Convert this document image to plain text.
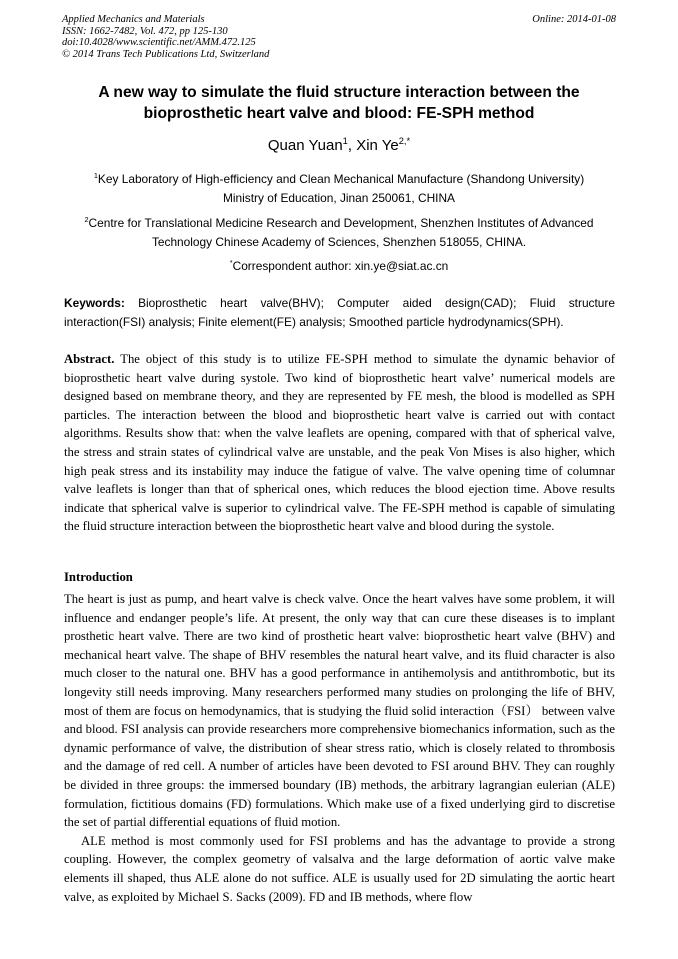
Applied Mechanics and Materials	Online: 2014-01-08
ISSN: 1662-7482, Vol. 472, pp 125-130
doi:10.4028/www.scientific.net/AMM.472.125
© 2014 Trans Tech Publications Ltd, Switzerland
A new way to simulate the fluid structure interaction between the bioprosthetic heart valve and blood: FE-SPH method
Quan Yuan$^1$, Xin $Ye^{2,*}$
$^1$Key Laboratory of High-efficiency and Clean Mechanical Manufacture (Shandong University)
Ministry of Education, Jinan 250061, CHINA
$^2$Centre for Translational Medicine Research and Development, Shenzhen Institutes of Advanced
Technology Chinese Academy of Sciences, Shenzhen 518055, CHINA.
*Correspondent author: xin.ye@siat.ac.cn
Keywords: Bioprosthetic heart valve(BHV); Computer aided design(CAD); Fluid structure interaction(FSI) analysis; Finite element(FE) analysis; Smoothed particle hydrodynamics(SPH).
Abstract. The object of this study is to utilize FE-SPH method to simulate the dynamic behavior of bioprosthetic heart valve during systole. Two kind of bioprosthetic heart valve’ numerical models are designed based on membrane theory, and they are represented by FE mesh, the blood is modelled as SPH particles. The interaction between the blood and bioprosthetic heart valve is carried out with contact algorithms. Results show that: when the valve leaflets are opening, compared with that of spherical valve, the stress and strain states of cylindrical valve are unstable, and the peak Von Mises is also higher, which high peak stress and its instability may induce the fatigue of valve. The valve opening time of columnar valve leaflets is longer than that of spherical ones, which reduces the blood ejection time. Above results indicate that spherical valve is superior to cylindrical valve. The FE-SPH method is capable of simulating the fluid structure interaction between the bioprosthetic heart valve and blood during the systole.
Introduction

The heart is just as pump, and heart valve is check valve. Once the heart valves have some problem, it will influence and endanger people’s life. At present, the only way that can cure these diseases is to implant prosthetic heart valve. There are two kind of prosthetic heart valve: bioprosthetic heart valve (BHV) and mechanical heart valve. The shape of BHV resembles the natural heart valve, and its fluid character is also much closer to the natural one. BHV has a good performance in antihemolysis and antithrombotic, but its longevity still needs improving. Many researchers performed many studies on prolonging the life of BHV, most of them are focus on hemodynamics, that is studying the fluid solid interaction（FSI） between valve and blood. FSI analysis can provide researchers more comprehensive biomechanics information, such as the dynamic performance of valve, the distribution of shear stress ratio, which is closely related to thrombosis and the damage of red cell. A number of articles have been devoted to FSI around BHV. They can roughly be divided in three groups: the immersed boundary (IB) methods, the arbitrary lagrangian eulerian (ALE) formulation, fictitious domains (FD) formulations. Which make use of a fixed underlying gird to discretise the set of partial differential equations of fluid motion.

ALE method is most commonly used for FSI problems and has the advantage to provide a strong coupling. However, the complex geometry of valsalva and the large deformation of aortic valve make elements ill shaped, thus ALE alone do not suffice. ALE is usually used for 2D simulating the aortic heart valve, as exploited by Michael S. Sacks (2009). FD and IB methods, where flow
